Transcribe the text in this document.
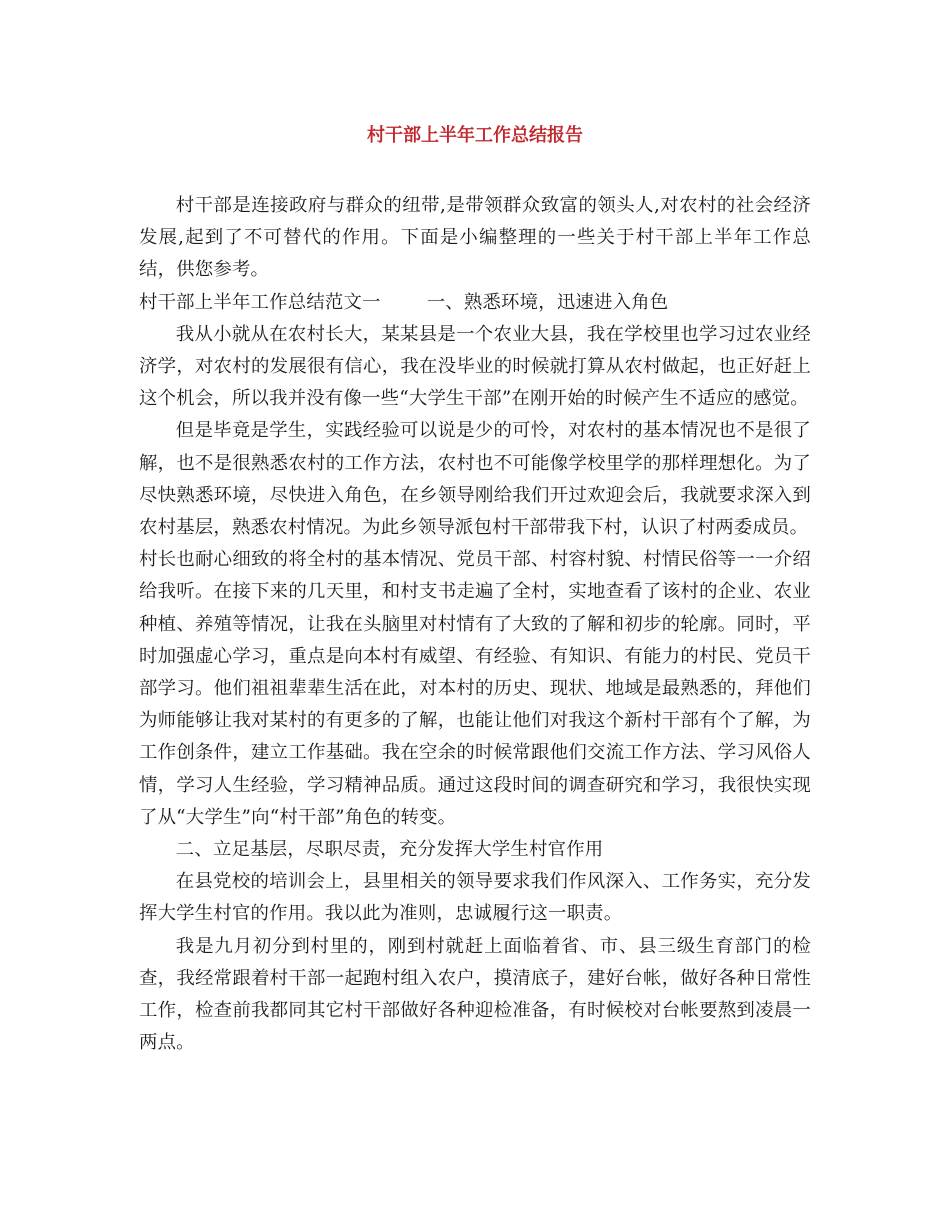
村干部上半年工作总结报告

村干部是连接政府与群众的纽带,是带领群众致富的领头人,对农村的社会经济发展,起到了不可替代的作用。下面是小编整理的一些关于村干部上半年工作总结，供您参考。

村干部上半年工作总结范文一	一、熟悉环境，迅速进入角色

我从小就从在农村长大，某某县是一个农业大县，我在学校里也学习过农业经济学，对农村的发展很有信心，我在没毕业的时候就打算从农村做起，也正好赶上这个机会，所以我并没有像一些“大学生干部”在刚开始的时候产生不适应的感觉。

但是毕竟是学生，实践经验可以说是少的可怜，对农村的基本情况也不是很了解，也不是很熟悉农村的工作方法，农村也不可能像学校里学的那样理想化。为了尽快熟悉环境，尽快进入角色，在乡领导刚给我们开过欢迎会后，我就要求深入到农村基层，熟悉农村情况。为此乡领导派包村干部带我下村，认识了村两委成员。

村长也耐心细致的将全村的基本情况、党员干部、村容村貌、村情民俗等一一介绍给我听。在接下来的几天里，和村支书走遍了全村，实地查看了该村的企业、农业种植、养殖等情况，让我在头脑里对村情有了大致的了解和初步的轮廓。同时，平时加强虚心学习，重点是向本村有威望、有经验、有知识、有能力的村民、党员干部学习。他们祖祖辈辈生活在此，对本村的历史、现状、地域是最熟悉的，拜他们为师能够让我对某村的有更多的了解，也能让他们对我这个新村干部有个了解，为工作创条件，建立工作基础。我在空余的时候常跟他们交流工作方法、学习风俗人情，学习人生经验，学习精神品质。通过这段时间的调查研究和学习，我很快实现了从“大学生”向“村干部”角色的转变。

二、立足基层，尽职尽责，充分发挥大学生村官作用

在县党校的培训会上，县里相关的领导要求我们作风深入、工作务实，充分发挥大学生村官的作用。我以此为准则，忠诚履行这一职责。

我是九月初分到村里的，刚到村就赶上面临着省、市、县三级生育部门的检查，我经常跟着村干部一起跑村组入农户，摸清底子，建好台帐，做好各种日常性工作，检查前我都同其它村干部做好各种迎检准备，有时候校对台帐要熬到凌晨一两点。
